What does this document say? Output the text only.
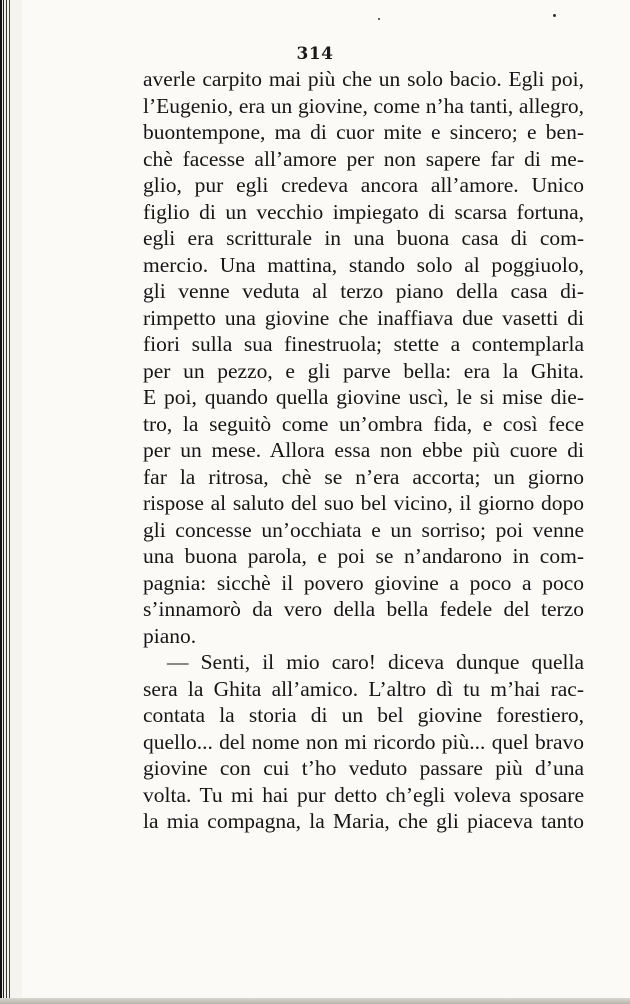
314
averle carpito mai più che un solo bacio. Egli poi,
l’Eugenio, era un giovine, come n’ha tanti, allegro,
buontempone, ma di cuor mite e sincero; e ben-
chè facesse all’amore per non sapere far di me-
glio, pur egli credeva ancora all’amore. Unico
figlio di un vecchio impiegato di scarsa fortuna,
egli era scritturale in una buona casa di com-
mercio. Una mattina, stando solo al poggiuolo,
gli venne veduta al terzo piano della casa di-
rimpetto una giovine che inaffiava due vasetti di
fiori sulla sua finestruola; stette a contemplarla
per un pezzo, e gli parve bella: era la Ghita.
E poi, quando quella giovine uscì, le si mise die-
tro, la seguitò come un’ombra fida, e così fece
per un mese. Allora essa non ebbe più cuore di
far la ritrosa, chè se n’era accorta; un giorno
rispose al saluto del suo bel vicino, il giorno dopo
gli concesse un’occhiata e un sorriso; poi venne
una buona parola, e poi se n’andarono in com-
pagnia: sicchè il povero giovine a poco a poco
s’innamorò da vero della bella fedele del terzo
piano.
— Senti, il mio caro! diceva dunque quella
sera la Ghita all’amico. L’altro dì tu m’hai rac-
contata la storia di un bel giovine forestiero,
quello... del nome non mi ricordo più... quel bravo
giovine con cui t’ho veduto passare più d’una
volta. Tu mi hai pur detto ch’egli voleva sposare
la mia compagna, la Maria, che gli piaceva tanto
